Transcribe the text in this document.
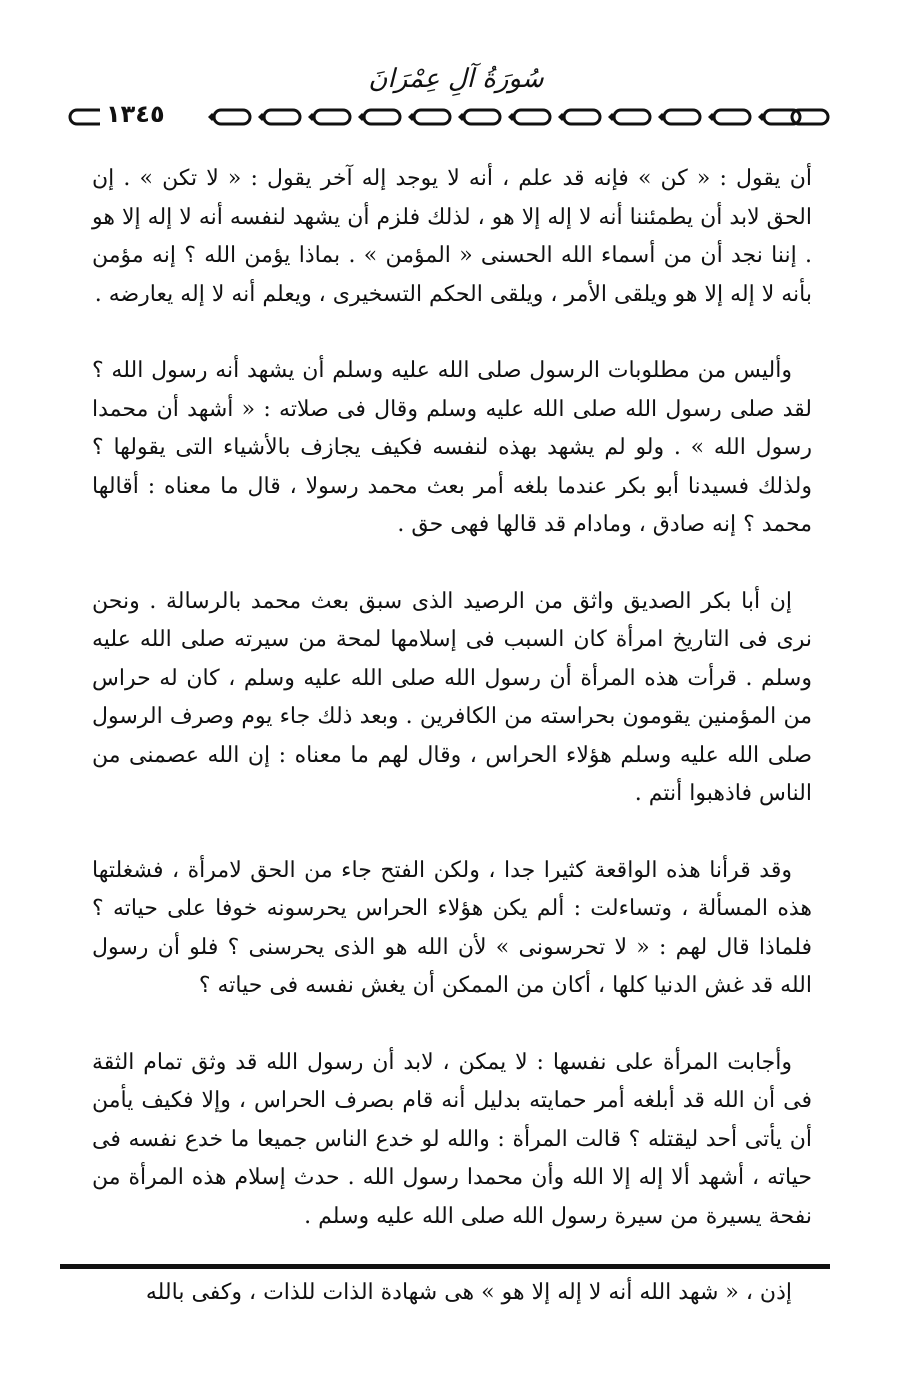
سُورَةُ آلِ عِمْرَانَ
١٣٤٥

أن يقول : « كن » فإنه قد علم ، أنه لا يوجد إله آخر يقول : « لا تكن » . إن الحق لابد أن يطمئننا أنه لا إله إلا هو ، لذلك فلزم أن يشهد لنفسه أنه لا إله إلا هو . إننا نجد أن من أسماء الله الحسنى « المؤمن » . بماذا يؤمن الله ؟ إنه مؤمن بأنه لا إله إلا هو ويلقى الأمر ، ويلقى الحكم التسخيرى ، ويعلم أنه لا إله يعارضه .

وأليس من مطلوبات الرسول صلى الله عليه وسلم أن يشهد أنه رسول الله ؟ لقد صلى رسول الله صلى الله عليه وسلم وقال فى صلاته : « أشهد أن محمدا رسول الله » . ولو لم يشهد بهذه لنفسه فكيف يجازف بالأشياء التى يقولها ؟ ولذلك فسيدنا أبو بكر عندما بلغه أمر بعث محمد رسولا ، قال ما معناه : أقالها محمد ؟ إنه صادق ، ومادام قد قالها فهى حق .

إن أبا بكر الصديق واثق من الرصيد الذى سبق بعث محمد بالرسالة . ونحن نرى فى التاريخ امرأة كان السبب فى إسلامها لمحة من سيرته صلى الله عليه وسلم . قرأت هذه المرأة أن رسول الله صلى الله عليه وسلم ، كان له حراس من المؤمنين يقومون بحراسته من الكافرين . وبعد ذلك جاء يوم وصرف الرسول صلى الله عليه وسلم هؤلاء الحراس ، وقال لهم ما معناه : إن الله عصمنى من الناس فاذهبوا أنتم .

وقد قرأنا هذه الواقعة كثيرا جدا ، ولكن الفتح جاء من الحق لامرأة ، فشغلتها هذه المسألة ، وتساءلت : ألم يكن هؤلاء الحراس يحرسونه خوفا على حياته ؟ فلماذا قال لهم : « لا تحرسونى » لأن الله هو الذى يحرسنى ؟ فلو أن رسول الله قد غش الدنيا كلها ، أكان من الممكن أن يغش نفسه فى حياته ؟

وأجابت المرأة على نفسها : لا يمكن ، لابد أن رسول الله قد وثق تمام الثقة فى أن الله قد أبلغه أمر حمايته بدليل أنه قام بصرف الحراس ، وإلا فكيف يأمن أن يأتى أحد ليقتله ؟ قالت المرأة : والله لو خدع الناس جميعا ما خدع نفسه فى حياته ، أشهد ألا إله إلا الله وأن محمدا رسول الله . حدث إسلام هذه المرأة من نفحة يسيرة من سيرة رسول الله صلى الله عليه وسلم .

إذن ، « شهد الله أنه لا إله إلا هو » هى شهادة الذات للذات ، وكفى بالله
